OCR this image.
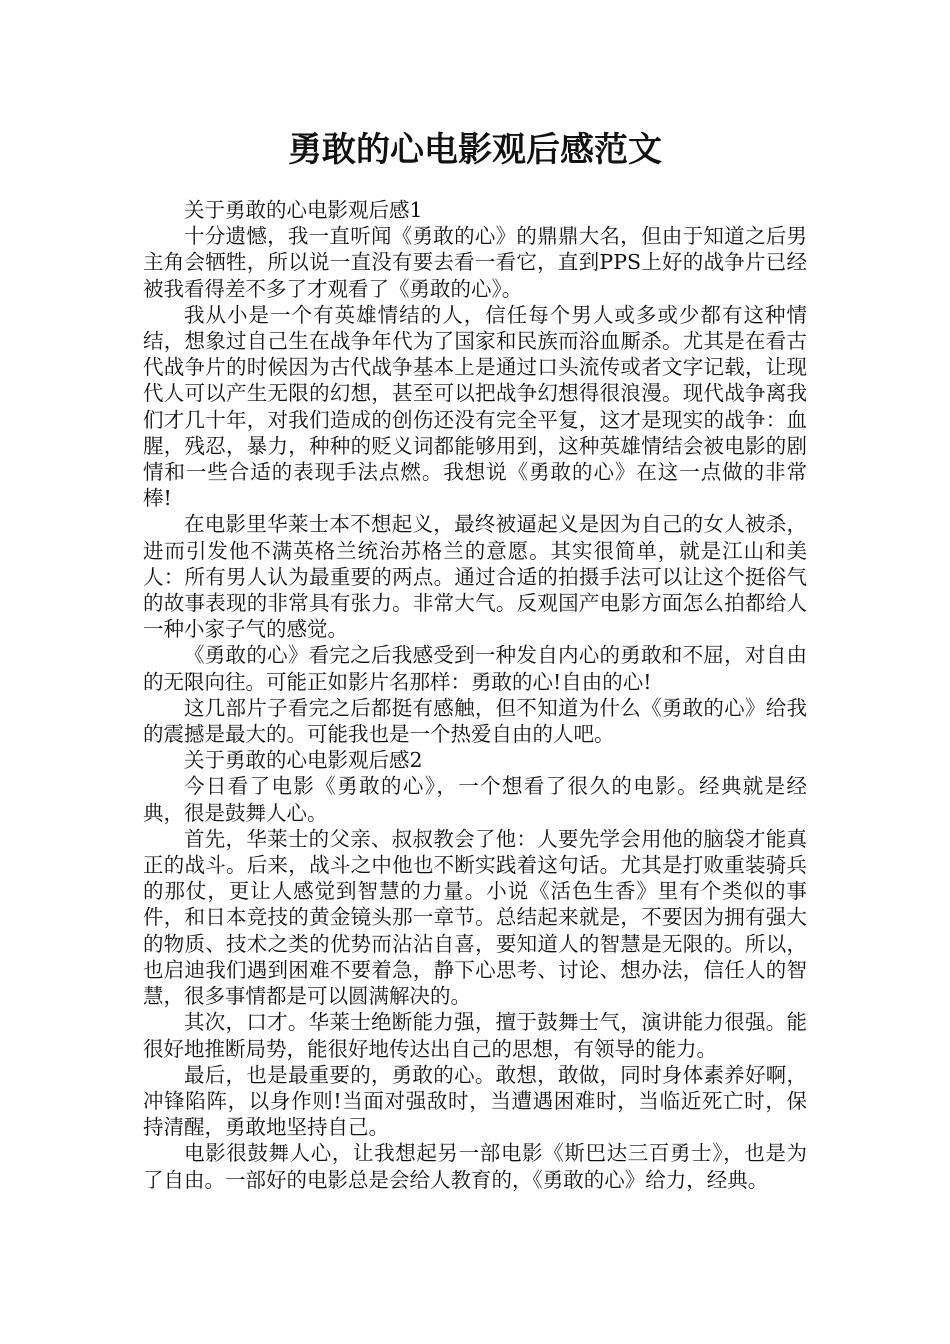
勇敢的心电影观后感范文

关于勇敢的心电影观后感1

十分遗憾，我一直听闻《勇敢的心》的鼎鼎大名，但由于知道之后男主角会牺牲，所以说一直没有要去看一看它，直到PPS上好的战争片已经被我看得差不多了才观看了《勇敢的心》。

我从小是一个有英雄情结的人，信任每个男人或多或少都有这种情结，想象过自己生在战争年代为了国家和民族而浴血厮杀。尤其是在看古代战争片的时候因为古代战争基本上是通过口头流传或者文字记载，让现代人可以产生无限的幻想，甚至可以把战争幻想得很浪漫。现代战争离我们才几十年，对我们造成的创伤还没有完全平复，这才是现实的战争：血腥，残忍，暴力，种种的贬义词都能够用到，这种英雄情结会被电影的剧情和一些合适的表现手法点燃。我想说《勇敢的心》在这一点做的非常棒!

在电影里华莱士本不想起义，最终被逼起义是因为自己的女人被杀，进而引发他不满英格兰统治苏格兰的意愿。其实很简单，就是江山和美人：所有男人认为最重要的两点。通过合适的拍摄手法可以让这个挺俗气的故事表现的非常具有张力。非常大气。反观国产电影方面怎么拍都给人一种小家子气的感觉。

《勇敢的心》看完之后我感受到一种发自内心的勇敢和不屈，对自由的无限向往。可能正如影片名那样：勇敢的心!自由的心!

这几部片子看完之后都挺有感触，但不知道为什么《勇敢的心》给我的震撼是最大的。可能我也是一个热爱自由的人吧。

关于勇敢的心电影观后感2

今日看了电影《勇敢的心》，一个想看了很久的电影。经典就是经典，很是鼓舞人心。

首先，华莱士的父亲、叔叔教会了他：人要先学会用他的脑袋才能真正的战斗。后来，战斗之中他也不断实践着这句话。尤其是打败重装骑兵的那仗，更让人感觉到智慧的力量。小说《活色生香》里有个类似的事件，和日本竞技的黄金镜头那一章节。总结起来就是，不要因为拥有强大的物质、技术之类的优势而沾沾自喜，要知道人的智慧是无限的。所以，也启迪我们遇到困难不要着急，静下心思考、讨论、想办法，信任人的智慧，很多事情都是可以圆满解决的。

其次，口才。华莱士绝断能力强，擅于鼓舞士气，演讲能力很强。能很好地推断局势，能很好地传达出自己的思想，有领导的能力。

最后，也是最重要的，勇敢的心。敢想，敢做，同时身体素养好啊，冲锋陷阵，以身作则!当面对强敌时，当遭遇困难时，当临近死亡时，保持清醒，勇敢地坚持自己。

电影很鼓舞人心，让我想起另一部电影《斯巴达三百勇士》，也是为了自由。一部好的电影总是会给人教育的，《勇敢的心》给力，经典。
